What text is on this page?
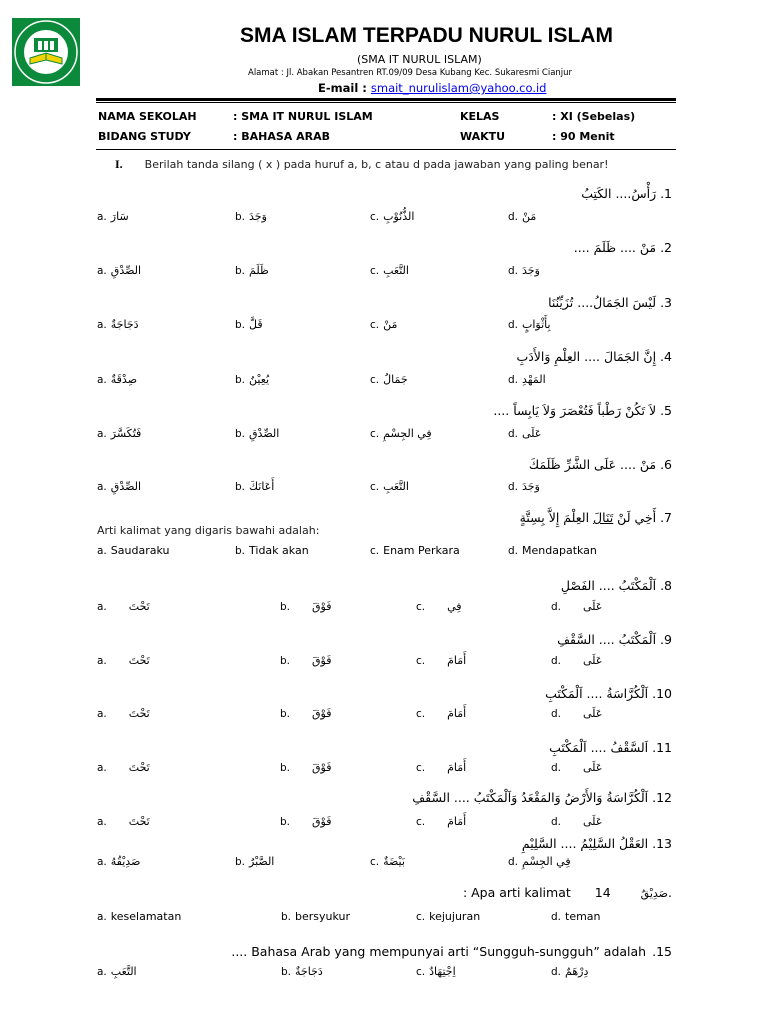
SMA ISLAM TERPADU NURUL ISLAM
(SMA IT NURUL ISLAM)
Alamat : Jl. Abakan Pesantren RT.09/09 Desa Kubang Kec. Sukaresmi Cianjur
E-mail : smait_nurulislam@yahoo.co.id
NAMA SEKOLAH	: SMA IT NURUL ISLAM	KELAS	: XI (Sebelas)
BIDANG STUDY	: BAHASA ARAB	WAKTU	: 90 Menit
I. Berilah tanda silang ( x ) pada huruf a, b, c atau d pada jawaban yang paling benar!
1. رَأْسُ.... الكَتِبُ
a. سَارَ	b. وَجَدَ	c. الذُّنُوْبِ	d. مَنْ
2. مَنْ .... ظَلَمَ ....
a. الصِّدْقِ	b. ظَلَمَ	c. التَّعَبِ	d. وَجَدَ
3. لَيْسَ الجَمَالُ.... تُزَيِّنُنَا
a. دَجَاجَةٌ	b. قَلَّ	c. مَنْ	d. بِأَثْوَابٍ
4. إِنَّ الجَمَالَ .... العِلْمِ وَالأَدَبِ
a. صِدْقَةٌ	b. يُعِيْنُ	c. جَمَالُ	d. المَهْدِ
5. لاَ تَكُنْ رَطْباً فَتُعْصَرَ وَلاَ يَابِساً ....
a. فَتُكَسَّرَ	b. الصِّدْقِ	c. فِي الجِسْمِ	d. عَلَى
6. مَنْ .... عَلَى الشَّرِّ ظَلَمَكَ
a. الصِّدْقِ	b. أَعَانَكَ	c. التَّعَبِ	d. وَجَدَ
7. أَخِي لَنْ تَنَالَ العِلْمَ إِلاَّ بِسِتَّةٍ
Arti kalimat yang digaris bawahi adalah:
a. Saudaraku	b. Tidak akan	c. Enam Perkara	d. Mendapatkan
8. اَلْمَكْتَبُ .... الفَصْلِ
a. تَحْتَ	b. فَوْقَ	c. فِي	d. عَلَى
9. اَلْمَكْتَبُ .... السَّقْفِ
a. تَحْتَ	b. فَوْقَ	c. أَمَامَ	d. عَلَى
10. اَلْكُرَّاسَةُ .... اَلْمَكْتَبِ
a. تَحْتَ	b. فَوْقَ	c. أَمَامَ	d. عَلَى
11. اَلسَّقْفُ .... اَلْمَكْتَبِ
a. تَحْتَ	b. فَوْقَ	c. أَمَامَ	d. عَلَى
12. اَلْكُرَّاسَةُ وَالأَرْضُ وَالمَقْعَدُ وَاَلْمَكْتَبُ .... السَّقْفِ
a. تَحْتَ	b. فَوْقَ	c. أَمَامَ	d. عَلَى
13. العَقْلُ السَّلِيْمُ .... السَّلِيْمِ
a. صَدِيْقُهُ	b. الصَّبْرُ	c. بَيْضَةٌ	d. فِي الجِسْمِ
: Apa arti kalimat	صَدِيْقٌ14.
a. keselamatan	b. bersyukur	c. kejujuran	d. teman
.... Bahasa Arab yang mempunyai arti “Sungguh-sungguh” adalah .15
a. التَّعَبِ	b. دَجَاجَةٌ	c. اِجْتِهَادٌ	d. دِرْهَمٌ
